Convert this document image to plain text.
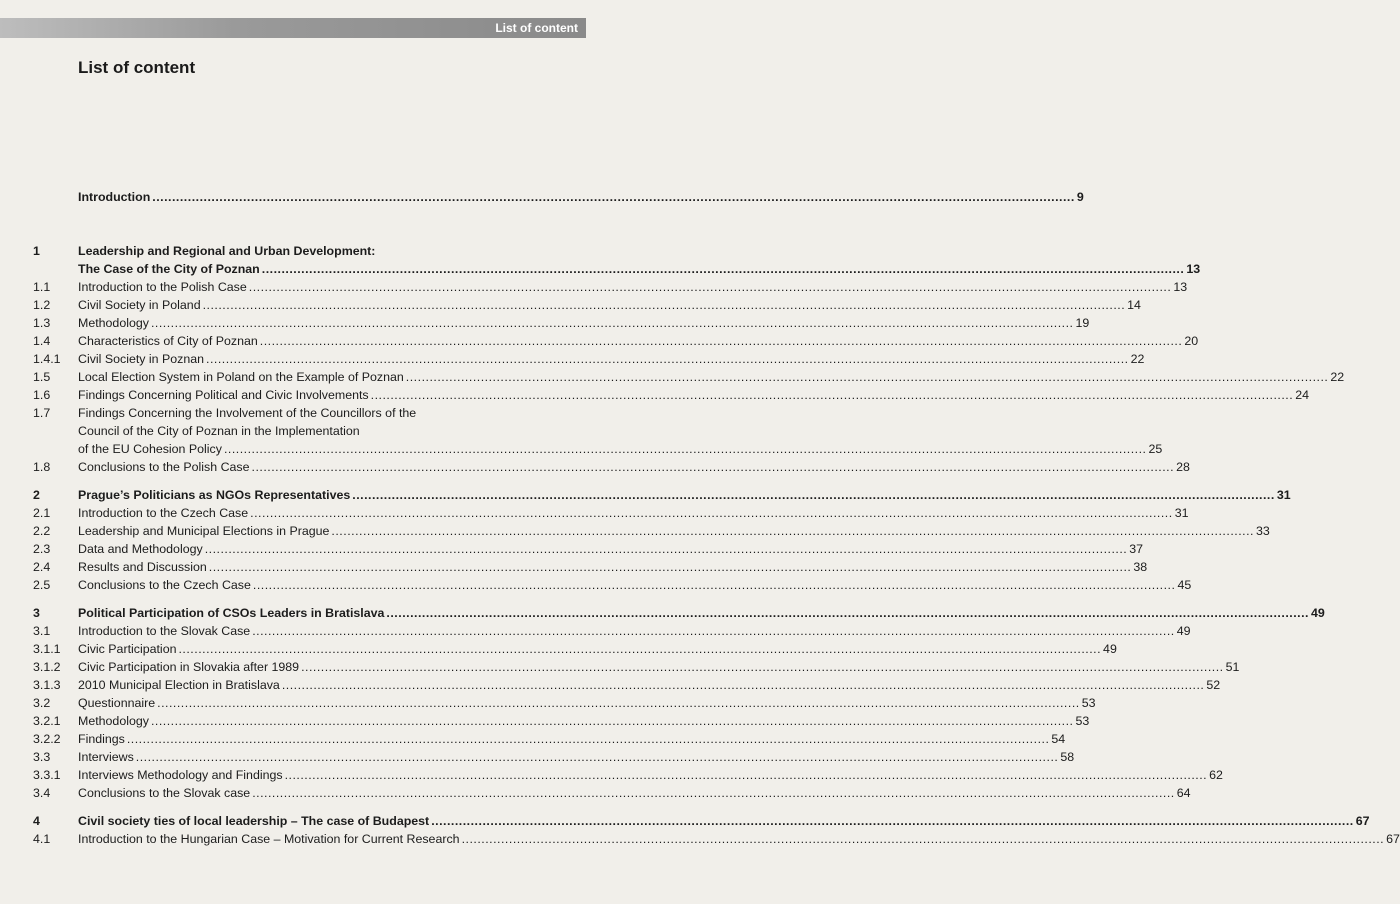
List of content
List of content
Introduction .....	9
1	Leadership and Regional and Urban Development:
The Case of the City of Poznan .....	13
1.1 Introduction to the Polish Case .....	13
1.2 Civil Society in Poland .....	14
1.3 Methodology .....	19
1.4 Characteristics of City of Poznan .....	20
1.4.1 Civil Society in Poznan .....	22
1.5 Local Election System in Poland on the Example of Poznan .....	22
1.6 Findings Concerning Political and Civic Involvements .....	24
1.7 Findings Concerning the Involvement of the Councillors of the
Council of the City of Poznan in the Implementation
of the EU Cohesion Policy .....	25
1.8 Conclusions to the Polish Case .....	28
2	Prague’s Politicians as NGOs Representatives .....	31
2.1 Introduction to the Czech Case .....	31
2.2 Leadership and Municipal Elections in Prague .....	33
2.3 Data and Methodology .....	37
2.4 Results and Discussion .....	38
2.5 Conclusions to the Czech Case .....	45
3	Political Participation of CSOs Leaders in Bratislava .....	49
3.1 Introduction to the Slovak Case .....	49
3.1.1 Civic Participation .....	49
3.1.2 Civic Participation in Slovakia after 1989 .....	51
3.1.3 2010 Municipal Election in Bratislava .....	52
3.2 Questionnaire .....	53
3.2.1 Methodology .....	53
3.2.2 Findings .....	54
3.3 Interviews .....	58
3.3.1 Interviews Methodology and Findings .....	62
3.4 Conclusions to the Slovak case .....	64
4	Civil society ties of local leadership – The case of Budapest .....	67
4.1 Introduction to the Hungarian Case – Motivation for Current Research .....	67
